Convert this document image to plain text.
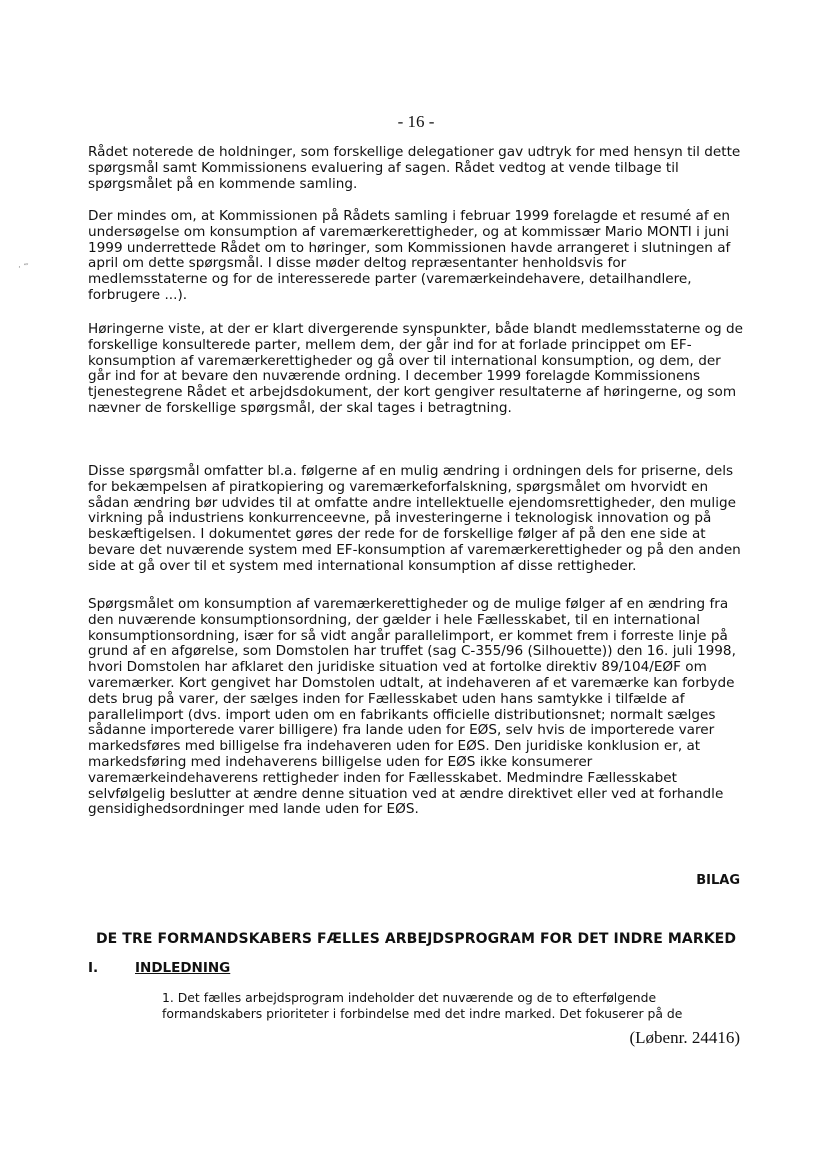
- 16 -
· ‴

Rådet noterede de holdninger, som forskellige delegationer gav udtryk for med hensyn til dette spørgsmål samt Kommissionens evaluering af sagen. Rådet vedtog at vende tilbage til spørgsmålet på en kommende samling.

Der mindes om, at Kommissionen på Rådets samling i februar 1999 forelagde et resumé af en undersøgelse om konsumption af varemærkerettigheder, og at kommissær Mario MONTI i juni 1999 underrettede Rådet om to høringer, som Kommissionen havde arrangeret i slutningen af april om dette spørgsmål. I disse møder deltog repræsentanter henholdsvis for medlemsstaterne og for de interesserede parter (varemærkeindehavere, detailhandlere, forbrugere ...).

Høringerne viste, at der er klart divergerende synspunkter, både blandt medlemsstaterne og de forskellige konsulterede parter, mellem dem, der går ind for at forlade princippet om EF-konsumption af varemærkerettigheder og gå over til international konsumption, og dem, der går ind for at bevare den nuværende ordning. I december 1999 forelagde Kommissionens tjenestegrene Rådet et arbejdsdokument, der kort gengiver resultaterne af høringerne, og som nævner de forskellige spørgsmål, der skal tages i betragtning.

Disse spørgsmål omfatter bl.a. følgerne af en mulig ændring i ordningen dels for priserne, dels for bekæmpelsen af piratkopiering og varemærkeforfalskning, spørgsmålet om hvorvidt en sådan ændring bør udvides til at omfatte andre intellektuelle ejendomsrettigheder, den mulige virkning på industriens konkurrenceevne, på investeringerne i teknologisk innovation og på beskæftigelsen. I dokumentet gøres der rede for de forskellige følger af på den ene side at bevare det nuværende system med EF-konsumption af varemærkerettigheder og på den anden side at gå over til et system med international konsumption af disse rettigheder.

Spørgsmålet om konsumption af varemærkerettigheder og de mulige følger af en ændring fra den nuværende konsumptionsordning, der gælder i hele Fællesskabet, til en international konsumptionsordning, især for så vidt angår parallelimport, er kommet frem i forreste linje på grund af en afgørelse, som Domstolen har truffet (sag C-355/96 (Silhouette)) den 16. juli 1998, hvori Domstolen har afklaret den juridiske situation ved at fortolke direktiv 89/104/EØF om varemærker. Kort gengivet har Domstolen udtalt, at indehaveren af et varemærke kan forbyde dets brug på varer, der sælges inden for Fællesskabet uden hans samtykke i tilfælde af parallelimport (dvs. import uden om en fabrikants officielle distributionsnet; normalt sælges sådanne importerede varer billigere) fra lande uden for EØS, selv hvis de importerede varer markedsføres med billigelse fra indehaveren uden for EØS. Den juridiske konklusion er, at markedsføring med indehaverens billigelse uden for EØS ikke konsumerer varemærkeindehaverens rettigheder inden for Fællesskabet. Medmindre Fællesskabet selvfølgelig beslutter at ændre denne situation ved at ændre direktivet eller ved at forhandle gensidighedsordninger med lande uden for EØS.

BILAG
DE TRE FORMANDSKABERS FÆLLES ARBEJDSPROGRAM FOR DET INDRE MARKED
I.	INDLEDNING

1. Det fælles arbejdsprogram indeholder det nuværende og de to efterfølgende formandskabers prioriteter i forbindelse med det indre marked. Det fokuserer på de

(Løbenr. 24416)
